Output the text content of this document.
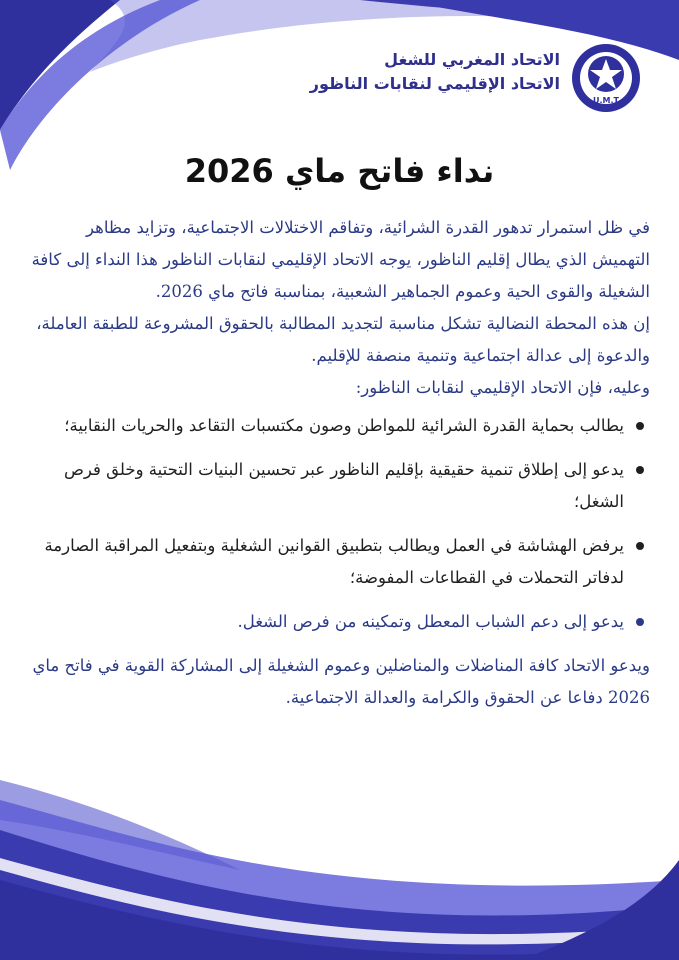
الاتحاد المغربي للشغل
الاتحاد الإقليمي لنقابات الناظور
U.M.T
نداء فاتح ماي 2026

في ظل استمرار تدهور القدرة الشرائية، وتفاقم الاختلالات الاجتماعية، وتزايد مظاهر التهميش الذي يطال إقليم الناظور، يوجه الاتحاد الإقليمي لنقابات الناظور هذا النداء إلى كافة الشغيلة والقوى الحية وعموم الجماهير الشعبية، بمناسبة فاتح ماي 2026.

إن هذه المحطة النضالية تشكل مناسبة لتجديد المطالبة بالحقوق المشروعة للطبقة العاملة، والدعوة إلى عدالة اجتماعية وتنمية منصفة للإقليم.

وعليه، فإن الاتحاد الإقليمي لنقابات الناظور:

يطالب بحماية القدرة الشرائية للمواطن وصون مكتسبات التقاعد والحريات النقابية؛
يدعو إلى إطلاق تنمية حقيقية بإقليم الناظور عبر تحسين البنيات التحتية وخلق فرص الشغل؛
يرفض الهشاشة في العمل ويطالب بتطبيق القوانين الشغلية وبتفعيل المراقبة الصارمة لدفاتر التحملات في القطاعات المفوضة؛
يدعو إلى دعم الشباب المعطل وتمكينه من فرص الشغل.

ويدعو الاتحاد كافة المناضلات والمناضلين وعموم الشغيلة إلى المشاركة القوية في فاتح ماي 2026 دفاعا عن الحقوق والكرامة والعدالة الاجتماعية.
